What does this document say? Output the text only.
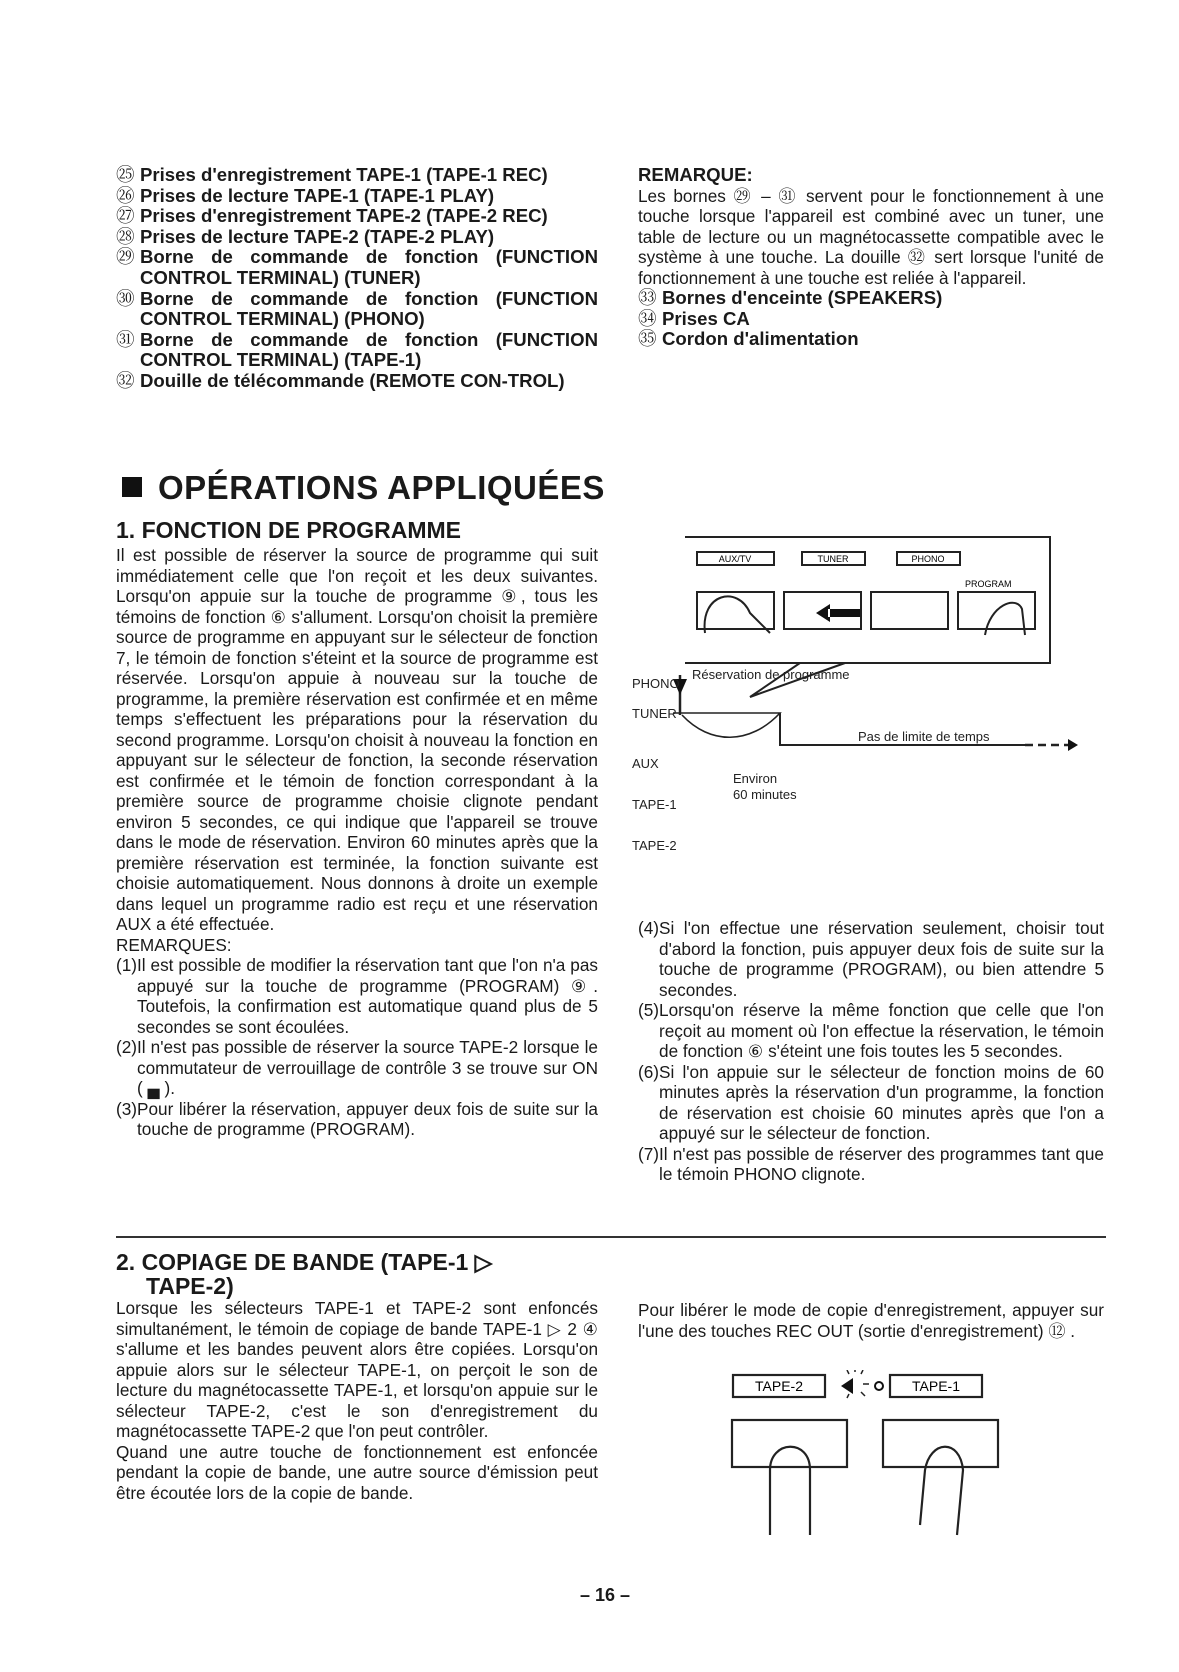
㉕ Prises d'enregistrement TAPE-1 (TAPE-1 REC)
㉖ Prises de lecture TAPE-1 (TAPE-1 PLAY)
㉗ Prises d'enregistrement TAPE-2 (TAPE-2 REC)
㉘ Prises de lecture TAPE-2 (TAPE-2 PLAY)
㉙ Borne de commande de fonction (FUNCTION CONTROL TERMINAL) (TUNER)
㉚ Borne de commande de fonction (FUNCTION CONTROL TERMINAL) (PHONO)
㉛ Borne de commande de fonction (FUNCTION CONTROL TERMINAL) (TAPE-1)
㉜ Douille de télécommande (REMOTE CON-TROL)
REMARQUE:
Les bornes ㉙ – ㉛ servent pour le fonctionnement à une touche lorsque l'appareil est combiné avec un tuner, une table de lecture ou un magnétocassette compatible avec le système à une touche. La douille ㉜ sert lorsque l'unité de fonctionnement à une touche est reliée à l'appareil.
㉝ Bornes d'enceinte (SPEAKERS)
㉞ Prises CA
㉟ Cordon d'alimentation
OPÉRATIONS APPLIQUÉES
1. FONCTION DE PROGRAMME

Il est possible de réserver la source de programme qui suit immédiatement celle que l'on reçoit et les deux suivantes. Lorsqu'on appuie sur la touche de programme ⑨, tous les témoins de fonction ⑥ s'allument. Lorsqu'on choisit la première source de programme en appuyant sur le sélecteur de fonction 7, le témoin de fonction s'éteint et la source de programme est réservée. Lorsqu'on appuie à nouveau sur la touche de programme, la première réservation est confirmée et en même temps s'effectuent les préparations pour la réservation du second programme. Lorsqu'on choisit à nouveau la fonction en appuyant sur le sélecteur de fonction, la seconde réservation est confirmée et le témoin de fonction correspondant à la première source de programme choisie clignote pendant environ 5 secondes, ce qui indique que l'appareil se trouve dans le mode de réservation. Environ 60 minutes après que la première réservation est terminée, la fonction suivante est choisie automatiquement. Nous donnons à droite un exemple dans lequel un programme radio est reçu et une réservation AUX a été effectuée.

REMARQUES:

(1) Il est possible de modifier la réservation tant que l'on n'a pas appuyé sur la touche de programme (PROGRAM) ⑨. Toutefois, la confirmation est automatique quand plus de 5 secondes se sont écoulées.
(2) Il n'est pas possible de réserver la source TAPE-2 lorsque le commutateur de verrouillage de contrôle 3 se trouve sur ON ( ▄ ).
(3) Pour libérer la réservation, appuyer deux fois de suite sur la touche de programme (PROGRAM).
AUX/TV	TUNER	PHONO
PROGRAM
PHONO
AUX
TAPE-1
TAPE-2
TUNER
Réservation de programme
Pas de limite de temps
Environ
60 minutes
(4) Si l'on effectue une réservation seulement, choisir tout d'abord la fonction, puis appuyer deux fois de suite sur la touche de programme (PROGRAM), ou bien attendre 5 secondes.
(5) Lorsqu'on réserve la même fonction que celle que l'on reçoit au moment où l'on effectue la réservation, le témoin de fonction ⑥ s'éteint une fois toutes les 5 secondes.
(6) Si l'on appuie sur le sélecteur de fonction moins de 60 minutes après la réservation d'un programme, la fonction de réservation est choisie 60 minutes après que l'on a appuyé sur le sélecteur de fonction.
(7) Il n'est pas possible de réserver des programmes tant que le témoin PHONO clignote.
2. COPIAGE DE BANDE (TAPE-1 ▷
TAPE-2)

Lorsque les sélecteurs TAPE-1 et TAPE-2 sont enfoncés simultanément, le témoin de copiage de bande TAPE-1 ▷ 2 ④ s'allume et les bandes peuvent alors être copiées. Lorsqu'on appuie alors sur le sélecteur TAPE-1, on perçoit le son de lecture du magnétocassette TAPE-1, et lorsqu'on appuie sur le sélecteur TAPE-2, c'est le son d'enregistrement du magnétocassette TAPE-2 que l'on peut contrôler.

Quand une autre touche de fonctionnement est enfoncée pendant la copie de bande, une autre source d'émission peut être écoutée lors de la copie de bande.

Pour libérer le mode de copie d'enregistrement, appuyer sur l'une des touches REC OUT (sortie d'enregistrement) ⑫ .
TAPE-2	TAPE-1
– 16 –
